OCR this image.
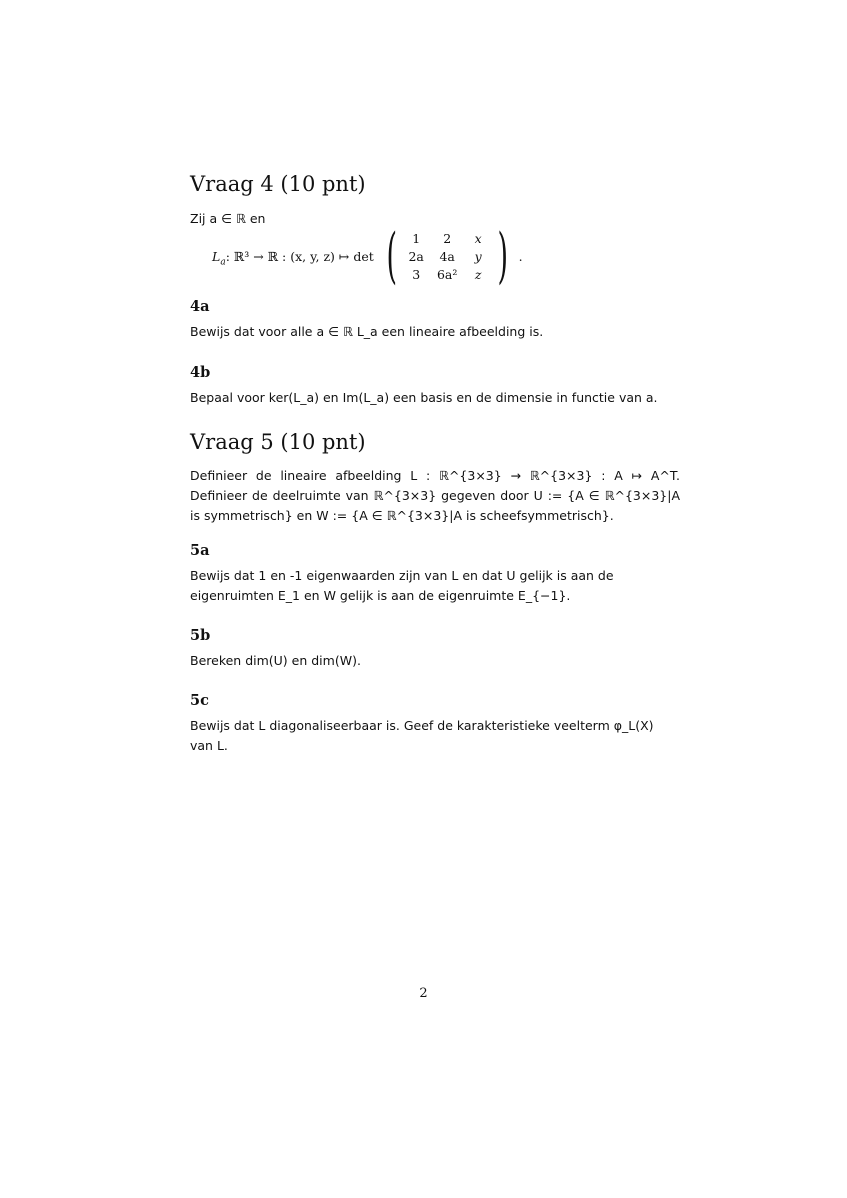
Vraag 4 (10 pnt)

Zij a ∈ ℝ en

$L_a$ : ℝ³ → ℝ : (x, y, z) ↦ det ( 1 2 x
2a 4a y
3 6a² z ) .
4a

Bewijs dat voor alle a ∈ ℝ L_a een lineaire afbeelding is.

4b

Bepaal voor ker(L_a) en Im(L_a) een basis en de dimensie in functie van a.

Vraag 5 (10 pnt)

Definieer de lineaire afbeelding L : ℝ^{3×3} → ℝ^{3×3} : A ↦ A^T. Definieer de deelruimte van ℝ^{3×3} gegeven door U := {A ∈ ℝ^{3×3}|A is symmetrisch} en W := {A ∈ ℝ^{3×3}|A is scheefsymmetrisch}.

5a

Bewijs dat 1 en -1 eigenwaarden zijn van L en dat U gelijk is aan de eigenruimten E_1 en W gelijk is aan de eigenruimte E_{−1}.

5b

Bereken dim(U) en dim(W).

5c

Bewijs dat L diagonaliseerbaar is. Geef de karakteristieke veelterm φ_L(X) van L.

2
